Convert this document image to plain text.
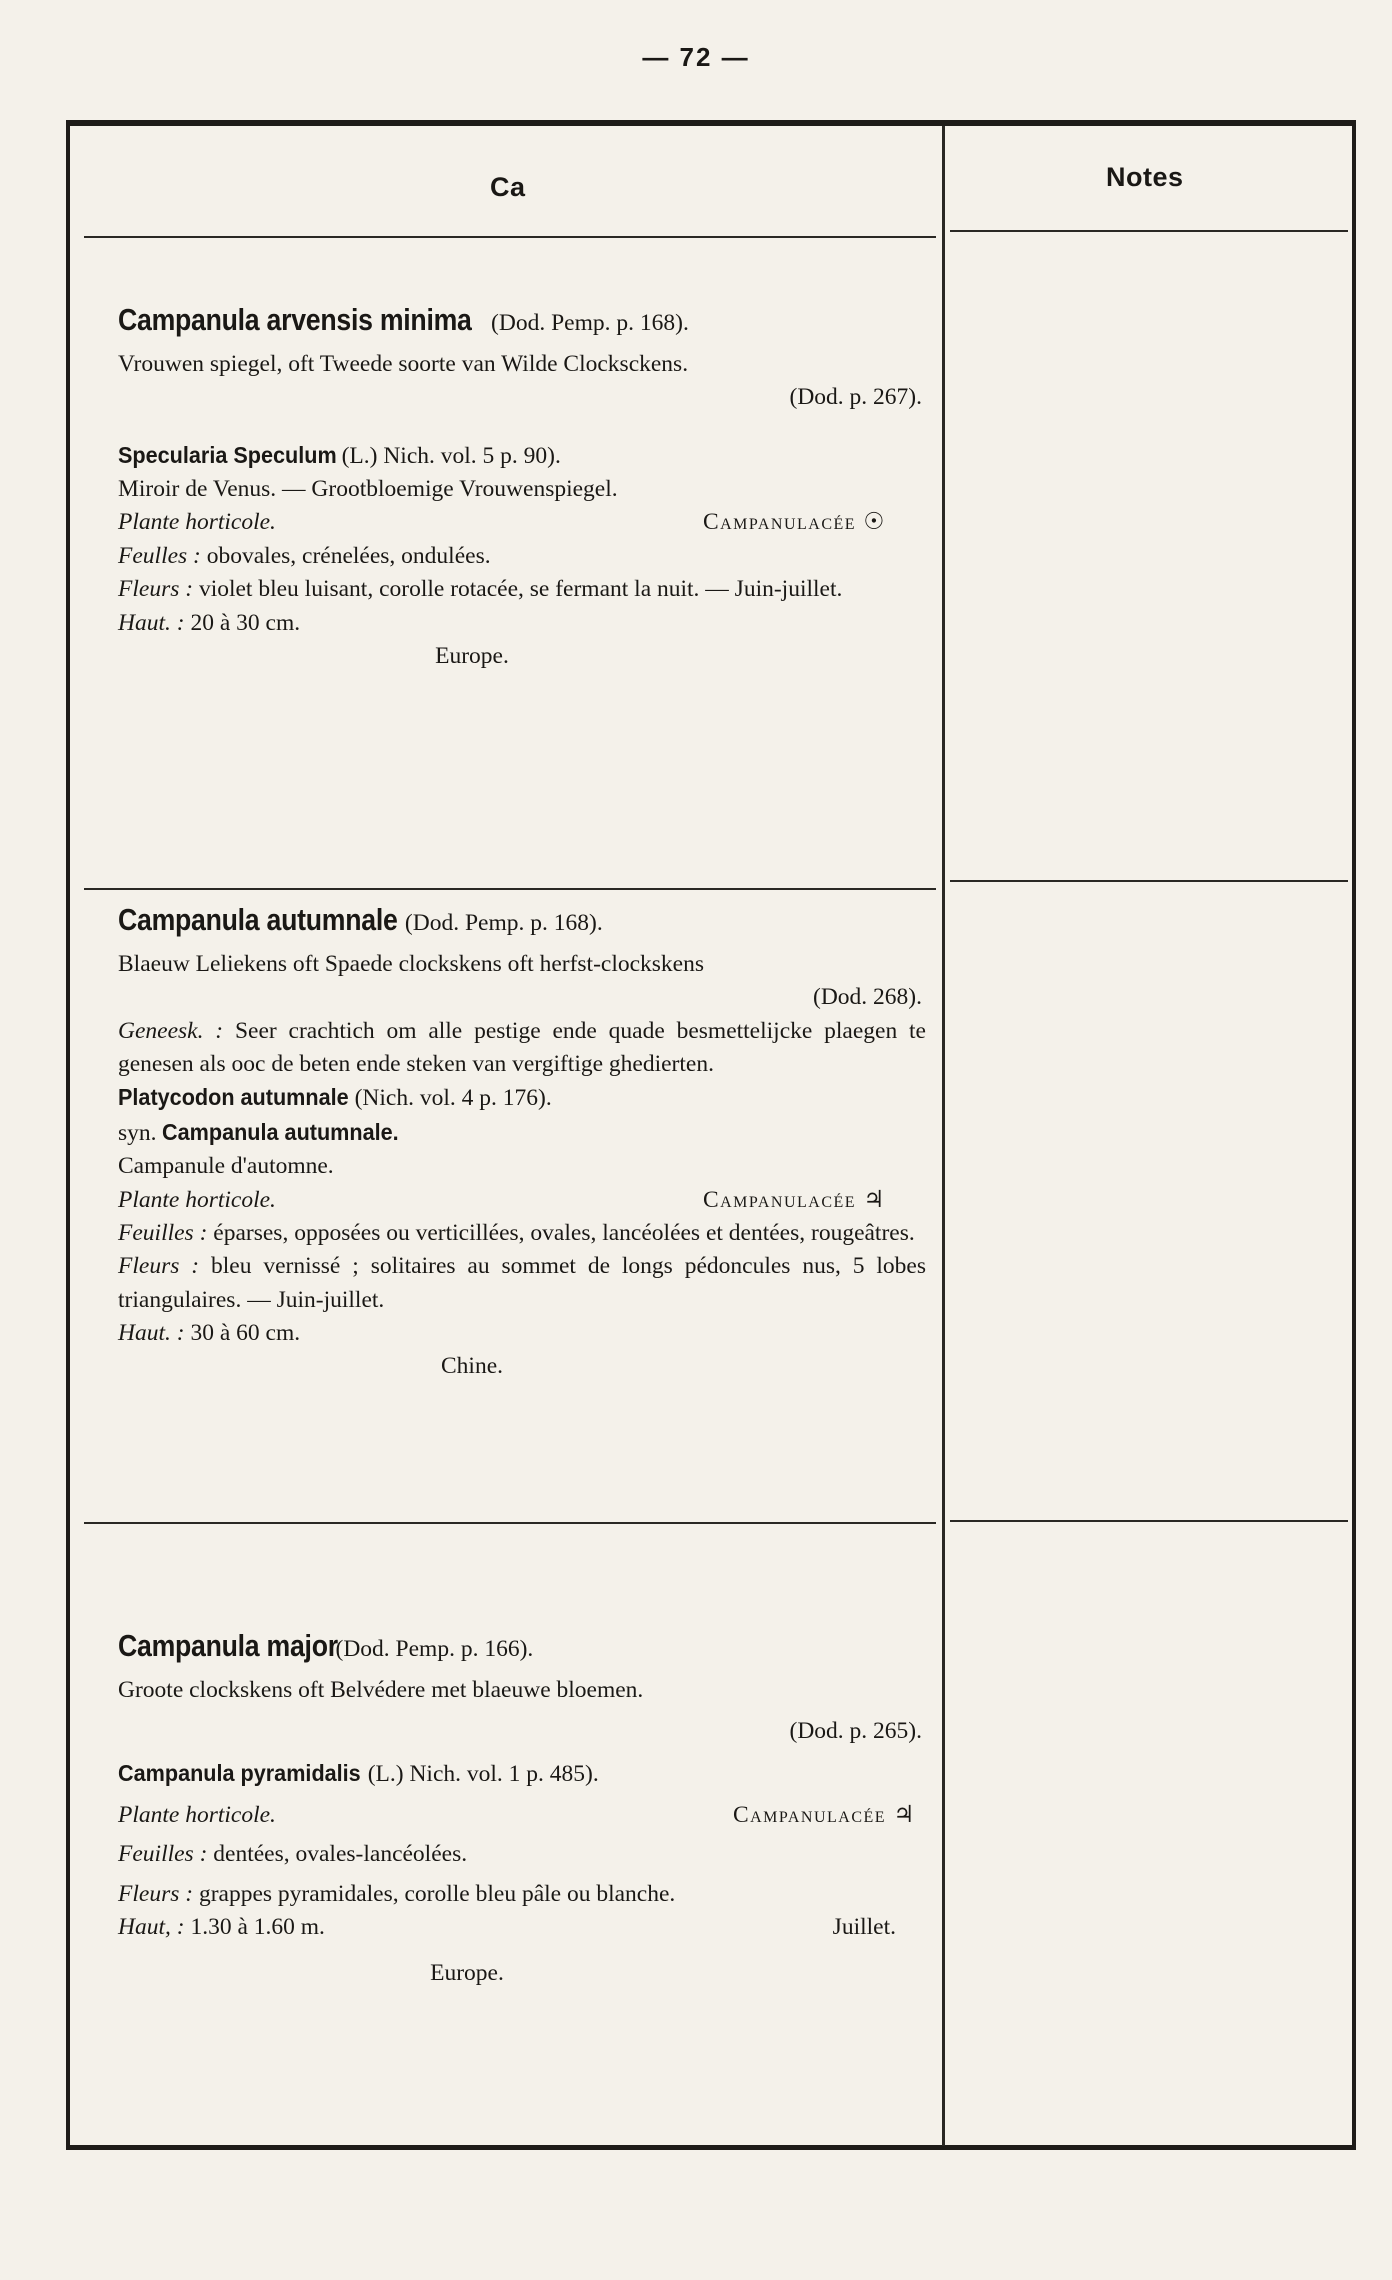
— 72 —
Ca	Notes

Campanula arvensis minima (Dod. Pemp. p. 168).

Vrouwen spiegel, oft Tweede soorte van Wilde Clocksckens.

(Dod. p. 267).

Specularia Speculum (L.) Nich. vol. 5 p. 90).

Miroir de Venus. — Grootbloemige Vrouwenspiegel.

Plante horticole.	Campanulacée ☉

Feulles : obovales, crénelées, ondulées.

Fleurs : violet bleu luisant, corolle rotacée, se fermant la nuit. — Juin-juillet.

Haut. : 20 à 30 cm.

Europe.

Campanula autumnale (Dod. Pemp. p. 168).

Blaeuw Leliekens oft Spaede clockskens oft herfst-clockskens

(Dod. 268).

Geneesk. : Seer crachtich om alle pestige ende quade besmettelijcke plaegen te genesen als ooc de beten ende steken van vergiftige ghedierten.

Platycodon autumnale (Nich. vol. 4 p. 176).

syn. Campanula autumnale.

Campanule d'automne.

Plante horticole.	Campanulacée ♃

Feuilles : éparses, opposées ou verticillées, ovales, lancéolées et dentées, rougeâtres.

Fleurs : bleu vernissé ; solitaires au sommet de longs pédoncules nus, 5 lobes triangulaires. — Juin-juillet.

Haut. : 30 à 60 cm.

Chine.

Campanula major (Dod. Pemp. p. 166).

Groote clockskens oft Belvédere met blaeuwe bloemen.

(Dod. p. 265).

Campanula pyramidalis (L.) Nich. vol. 1 p. 485).

Plante horticole.	Campanulacée ♃

Feuilles : dentées, ovales-lancéolées.

Fleurs : grappes pyramidales, corolle bleu pâle ou blanche.

Haut, : 1.30 à 1.60 m.	Juillet.

Europe.
